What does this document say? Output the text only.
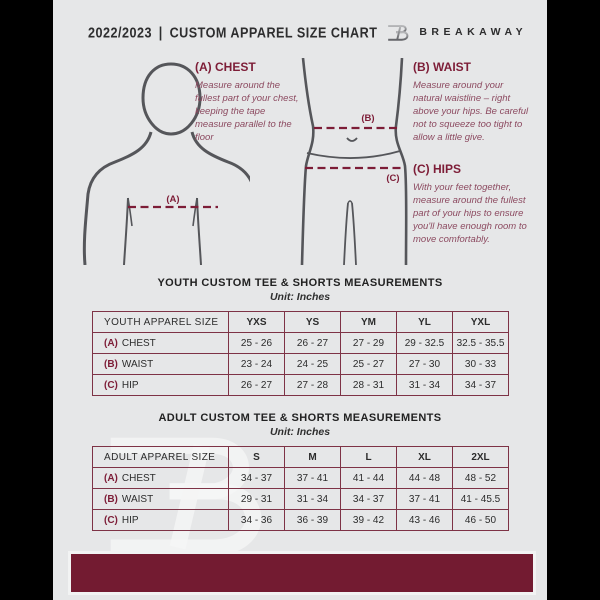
2022/2023 | CUSTOM APPAREL SIZE CHART	BREAKAWAY
(A)
(B)
(C)

(A) CHEST

Measure around the fullest part of your chest, keeping the tape measure parallel to the floor

(B) WAIST

Measure around your natural waistline – right above your hips. Be careful not to squeeze too tight to allow a little give.

(C) HIPS

With your feet together, measure around the fullest part of your hips to ensure you'll have enough room to move comfortably.

YOUTH CUSTOM TEE & SHORTS MEASUREMENTS
Unit: Inches
YOUTH APPAREL SIZE	YXS	YS	YM	YL	YXL
(A) CHEST	25 - 26	26 - 27	27 - 29	29 - 32.5	32.5 - 35.5
(B) WAIST	23 - 24	24 - 25	25 - 27	27 - 30	30 - 33
(C) HIP	26 - 27	27 - 28	28 - 31	31 - 34	34 - 37
ADULT CUSTOM TEE & SHORTS MEASUREMENTS
Unit: Inches
ADULT APPAREL SIZE	S	M	L	XL	2XL
(A) CHEST	34 - 37	37 - 41	41 - 44	44 - 48	48 - 52
(B) WAIST	29 - 31	31 - 34	34 - 37	37 - 41	41 - 45.5
(C) HIP	34 - 36	36 - 39	39 - 42	43 - 46	46 - 50
